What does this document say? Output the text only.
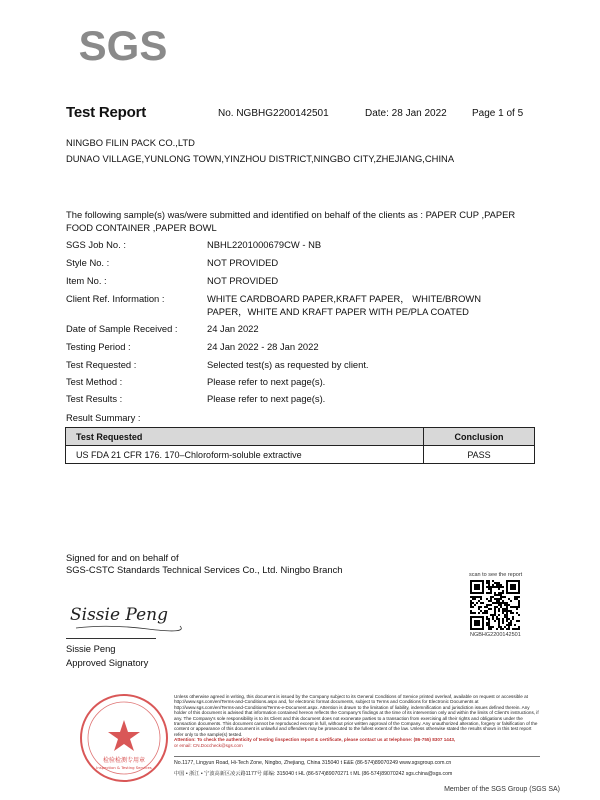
SGS
Test Report	No. NGBHG2200142501	Date: 28 Jan 2022	Page 1 of 5
NINGBO FILIN PACK CO.,LTD
DUNAO VILLAGE,YUNLONG TOWN,YINZHOU DISTRICT,NINGBO CITY,ZHEJIANG,CHINA
The following sample(s) was/were submitted and identified on behalf of the clients as : PAPER CUP ,PAPER
FOOD CONTAINER ,PAPER BOWL
SGS Job No. :	NBHL2201000679CW - NB
Style No. :	NOT PROVIDED
Item No. :	NOT PROVIDED
Client Ref. Information :	WHITE CARDBOARD PAPER,KRAFT PAPER， WHITE/BROWN
PAPER，WHITE AND KRAFT PAPER WITH PE/PLA COATED
Date of Sample Received :	24 Jan 2022
Testing Period :	24 Jan 2022 - 28 Jan 2022
Test Requested :	Selected test(s) as requested by client.
Test Method :	Please refer to next page(s).
Test Results :	Please refer to next page(s).
Result Summary :
Test Requested	Conclusion
US FDA 21 CFR 176. 170–Chloroform-soluble extractive	PASS
Signed for and on behalf of
SGS-CSTC Standards Technical Services Co., Ltd. Ningbo Branch
Sissie Peng
Sissie Peng
Approved Signatory
scan to see the report
NGBHG2200142501
检验检测专用章
Inspection & Testing Services
Unless otherwise agreed in writing, this document is issued by the Company subject to its General Conditions of Service printed overleaf, available on request or accessible at http://www.sgs.com/en/Terms-and-Conditions.aspx and, for electronic format documents, subject to Terms and Conditions for Electronic Documents at http://www.sgs.com/en/Terms-and-Conditions/Terms-e-Document.aspx. Attention is drawn to the limitation of liability, indemnification and jurisdiction issues defined therein. Any holder of this document is advised that information contained hereon reflects the Company's findings at the time of its intervention only and within the limits of Client's instructions, if any. The Company's sole responsibility is to its Client and this document does not exonerate parties to a transaction from exercising all their rights and obligations under the transaction documents. This document cannot be reproduced except in full, without prior written approval of the Company. Any unauthorized alteration, forgery or falsification of the content or appearance of this document is unlawful and offenders may be prosecuted to the fullest extent of the law. Unless otherwise stated the results shown in this test report refer only to the sample(s) tested.
Attention: To check the authenticity of testing /inspection report & certificate, please contact us at telephone: (86-755) 8307 1443,
or email: CN.Doccheck@sgs.com
No.1177, Lingyun Road, Hi-Tech Zone, Ningbo, Zhejiang, China 315040 t E&E (86-574)89070249 www.sgsgroup.com.cn
中国 • 浙江 • 宁波高新区凌云路1177号 邮编: 315040 t HL (86-574)89070271 t ML (86-574)89070242 sgs.china@sgs.com
Member of the SGS Group (SGS SA)
